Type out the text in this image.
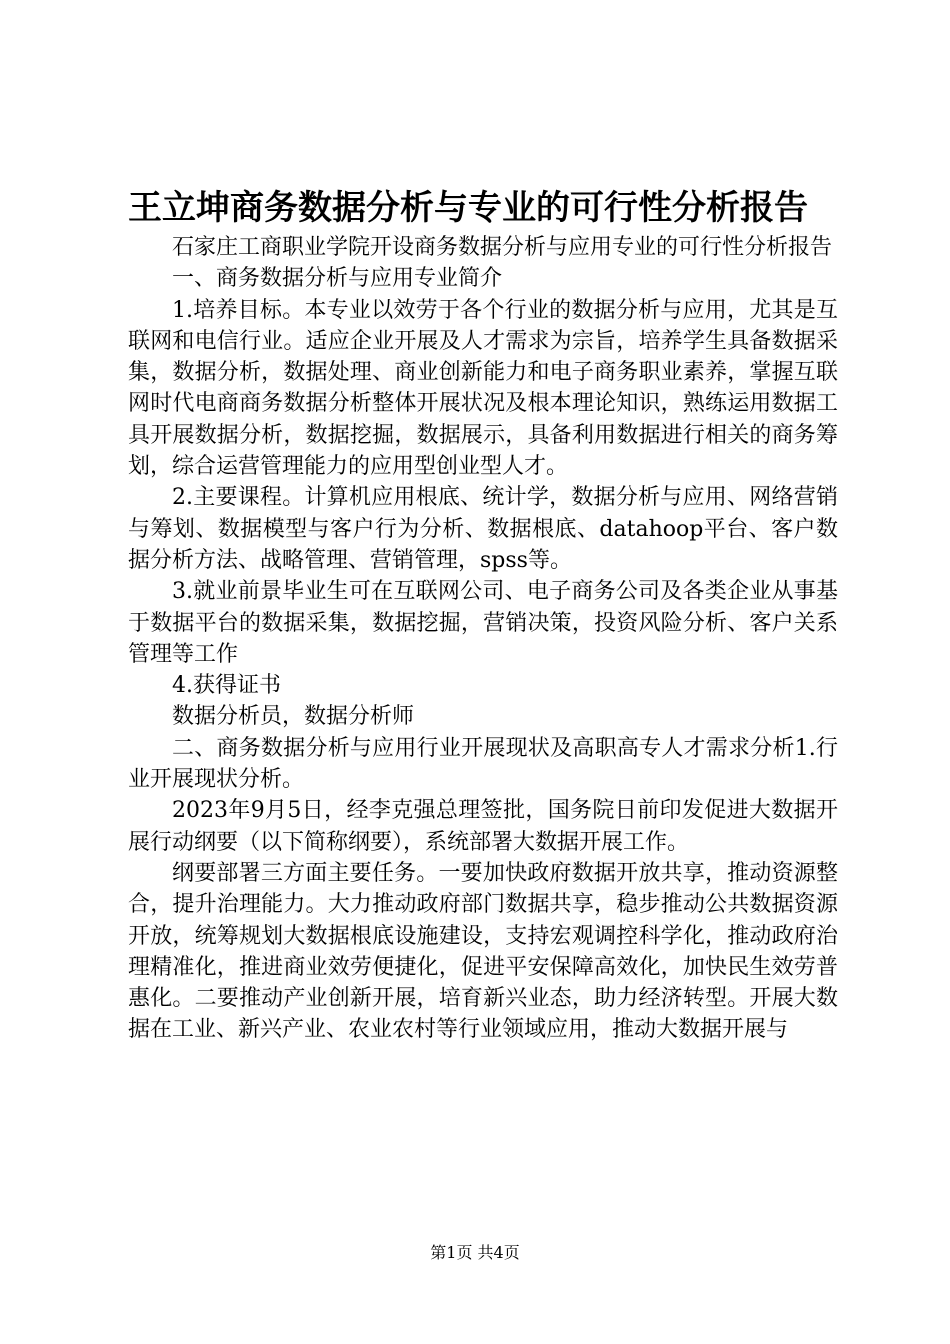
王立坤商务数据分析与专业的可行性分析报告

石家庄工商职业学院开设商务数据分析与应用专业的可行性分析报告

一、商务数据分析与应用专业简介

1.培养目标。本专业以效劳于各个行业的数据分析与应用，尤其是互联网和电信行业。适应企业开展及人才需求为宗旨，培养学生具备数据采集，数据分析，数据处理、商业创新能力和电子商务职业素养，掌握互联网时代电商商务数据分析整体开展状况及根本理论知识，熟练运用数据工具开展数据分析，数据挖掘，数据展示，具备利用数据进行相关的商务筹划，综合运营管理能力的应用型创业型人才。

2.主要课程。计算机应用根底、统计学，数据分析与应用、网络营销与筹划、数据模型与客户行为分析、数据根底、datahoop平台、客户数据分析方法、战略管理、营销管理，spss等。

3.就业前景毕业生可在互联网公司、电子商务公司及各类企业从事基于数据平台的数据采集，数据挖掘，营销决策，投资风险分析、客户关系管理等工作

4.获得证书

数据分析员，数据分析师

二、商务数据分析与应用行业开展现状及高职高专人才需求分析1.行业开展现状分析。

2023年9月5日，经李克强总理签批，国务院日前印发促进大数据开展行动纲要（以下简称纲要），系统部署大数据开展工作。

纲要部署三方面主要任务。一要加快政府数据开放共享，推动资源整合，提升治理能力。大力推动政府部门数据共享，稳步推动公共数据资源开放，统筹规划大数据根底设施建设，支持宏观调控科学化，推动政府治理精准化，推进商业效劳便捷化，促进平安保障高效化，加快民生效劳普惠化。二要推动产业创新开展，培育新兴业态，助力经济转型。开展大数据在工业、新兴产业、农业农村等行业领域应用，推动大数据开展与

第1页 共4页
